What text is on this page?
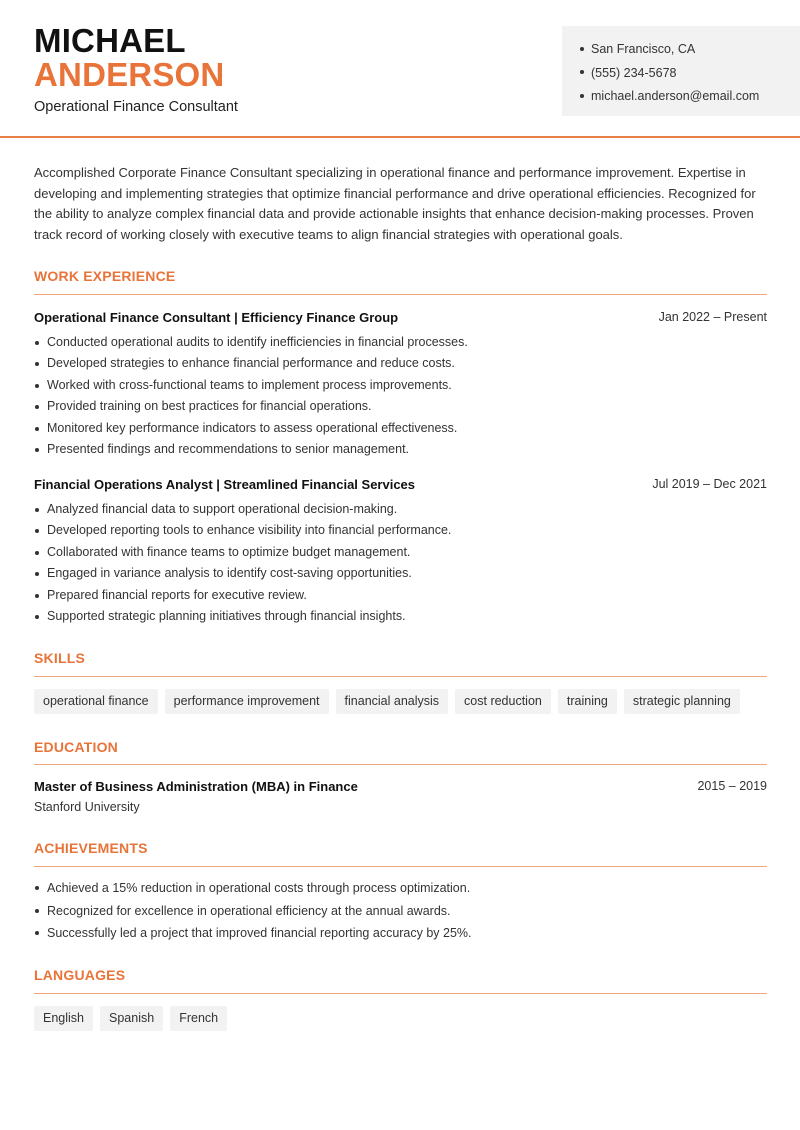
MICHAEL
ANDERSON
Operational Finance Consultant
San Francisco, CA
(555) 234-5678
michael.anderson@email.com
Accomplished Corporate Finance Consultant specializing in operational finance and performance improvement. Expertise in developing and implementing strategies that optimize financial performance and drive operational efficiencies. Recognized for the ability to analyze complex financial data and provide actionable insights that enhance decision-making processes. Proven track record of working closely with executive teams to align financial strategies with operational goals.
WORK EXPERIENCE
Operational Finance Consultant | Efficiency Finance Group	Jan 2022 – Present
Conducted operational audits to identify inefficiencies in financial processes.
Developed strategies to enhance financial performance and reduce costs.
Worked with cross-functional teams to implement process improvements.
Provided training on best practices for financial operations.
Monitored key performance indicators to assess operational effectiveness.
Presented findings and recommendations to senior management.
Financial Operations Analyst | Streamlined Financial Services	Jul 2019 – Dec 2021
Analyzed financial data to support operational decision-making.
Developed reporting tools to enhance visibility into financial performance.
Collaborated with finance teams to optimize budget management.
Engaged in variance analysis to identify cost-saving opportunities.
Prepared financial reports for executive review.
Supported strategic planning initiatives through financial insights.
SKILLS
operational finance	performance improvement	financial analysis	cost reduction	training	strategic planning
EDUCATION
Master of Business Administration (MBA) in Finance	2015 – 2019
Stanford University
ACHIEVEMENTS
Achieved a 15% reduction in operational costs through process optimization.
Recognized for excellence in operational efficiency at the annual awards.
Successfully led a project that improved financial reporting accuracy by 25%.
LANGUAGES
English	Spanish	French
